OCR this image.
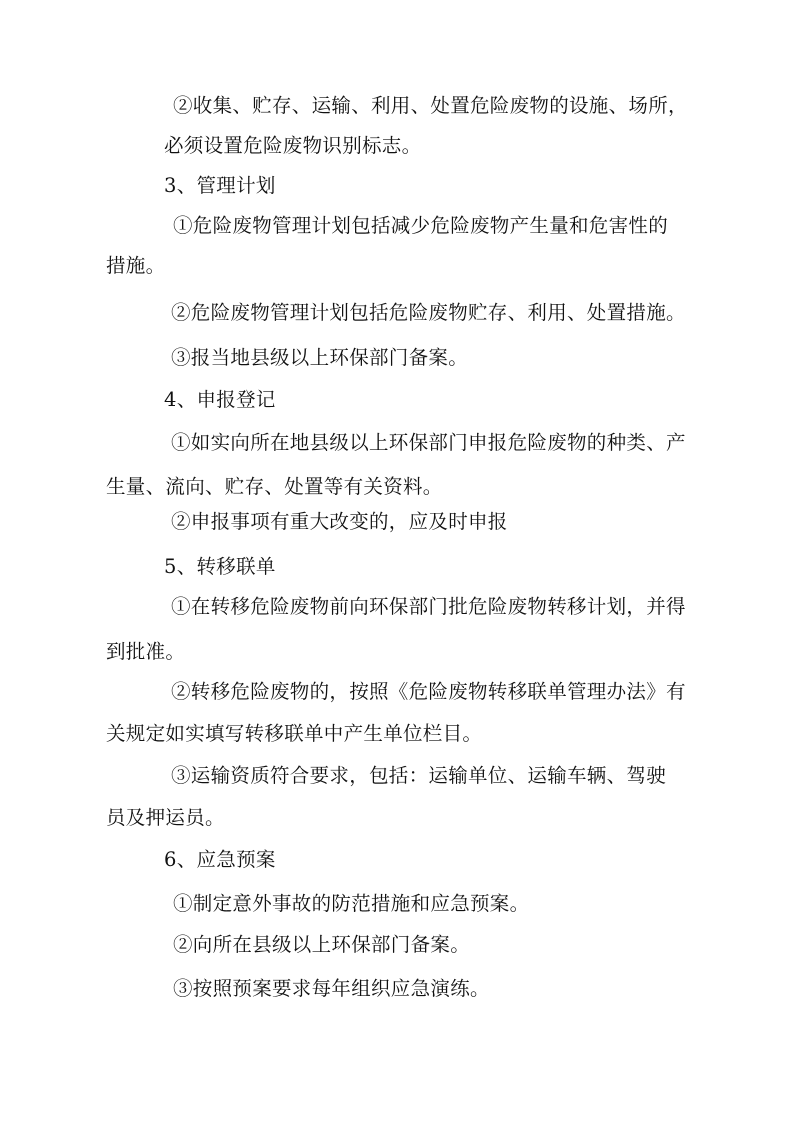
②收集、贮存、运输、利用、处置危险废物的设施、场所，
必须设置危险废物识别标志。
3、管理计划
①危险废物管理计划包括减少危险废物产生量和危害性的
措施。
②危险废物管理计划包括危险废物贮存、利用、处置措施。
③报当地县级以上环保部门备案。
4、申报登记
①如实向所在地县级以上环保部门申报危险废物的种类、产
生量、流向、贮存、处置等有关资料。
②申报事项有重大改变的，应及时申报
5、转移联单
①在转移危险废物前向环保部门批危险废物转移计划，并得
到批准。
②转移危险废物的，按照《危险废物转移联单管理办法》有
关规定如实填写转移联单中产生单位栏目。
③运输资质符合要求，包括：运输单位、运输车辆、驾驶
员及押运员。
6、应急预案
①制定意外事故的防范措施和应急预案。
②向所在县级以上环保部门备案。
③按照预案要求每年组织应急演练。
